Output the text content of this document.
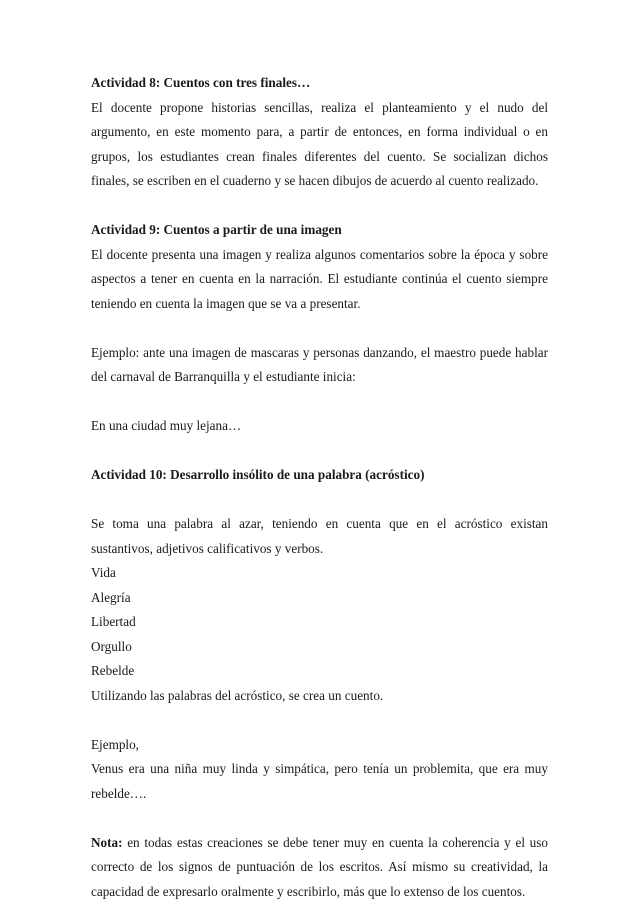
Actividad 8: Cuentos con tres finales…

El docente propone historias sencillas, realiza el planteamiento y el nudo del argumento, en este momento para, a partir de entonces, en forma individual o en grupos, los estudiantes crean finales diferentes del cuento. Se socializan dichos finales, se escriben en el cuaderno y se hacen dibujos de acuerdo al cuento realizado.

Actividad 9: Cuentos a partir de una imagen

El docente presenta una imagen y realiza algunos comentarios sobre la época y sobre aspectos a tener en cuenta en la narración. El estudiante continúa el cuento siempre teniendo en cuenta la imagen que se va a presentar.

Ejemplo: ante una imagen de mascaras y personas danzando, el maestro puede hablar del carnaval de Barranquilla y el estudiante inicia:

En una ciudad muy lejana…

Actividad 10: Desarrollo insólito de una palabra (acróstico)

Se toma una palabra al azar, teniendo en cuenta que en el acróstico existan sustantivos, adjetivos calificativos y verbos.

Vida

Alegría

Libertad

Orgullo

Rebelde

Utilizando las palabras del acróstico, se crea un cuento.

Ejemplo,

Venus era una niña muy linda y simpática, pero tenía un problemita, que era muy rebelde….

Nota: en todas estas creaciones se debe tener muy en cuenta la coherencia y el uso correcto de los signos de puntuación de los escritos. Así mismo su creatividad, la capacidad de expresarlo oralmente y escribirlo, más que lo extenso de los cuentos.
